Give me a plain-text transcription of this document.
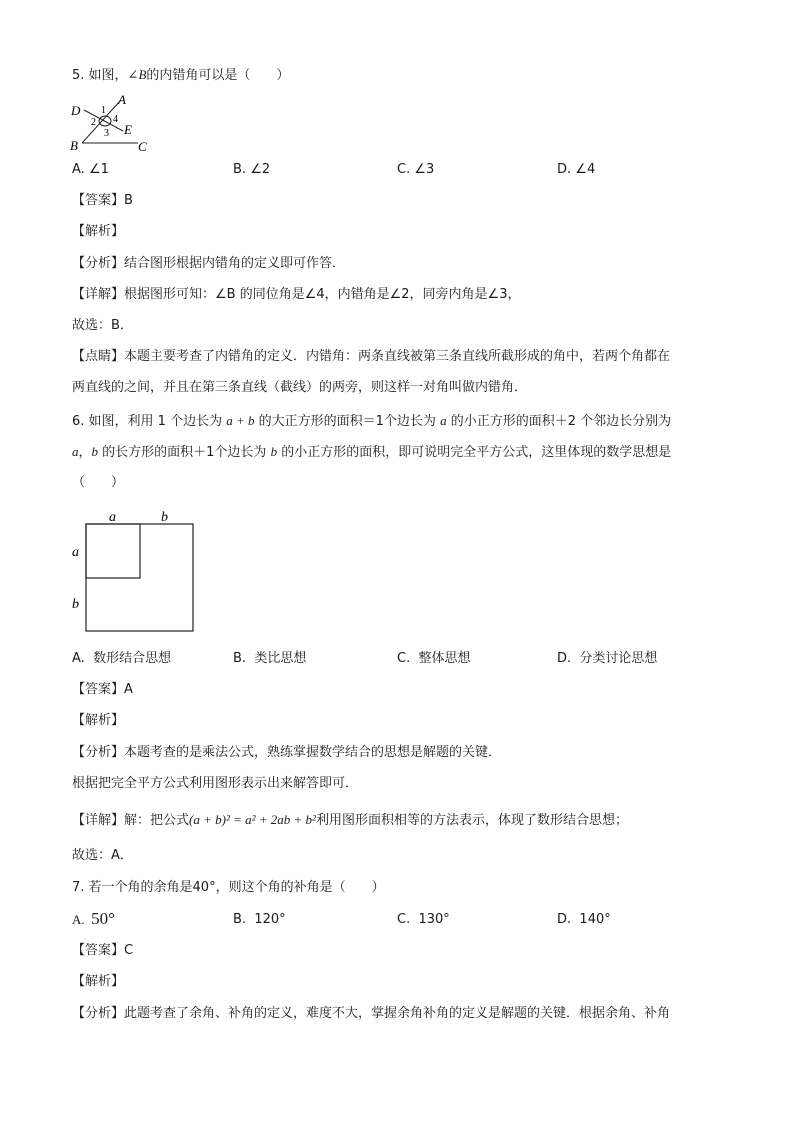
5. 如图，∠B的内错角可以是（　　）
D
A
B	C
E
1
2
3
4
A. ∠1	B. ∠2	C. ∠3	D. ∠4
【答案】B
【解析】
【分析】结合图形根据内错角的定义即可作答．
【详解】根据图形可知：∠B 的同位角是∠4，内错角是∠2，同旁内角是∠3，
故选：B．
【点睛】本题主要考查了内错角的定义．内错角：两条直线被第三条直线所截形成的角中，若两个角都在
两直线的之间，并且在第三条直线（截线）的两旁，则这样一对角叫做内错角．
6. 如图，利用 1 个边长为 a + b 的大正方形的面积＝1个边长为 a 的小正方形的面积＋2 个邻边长分别为
a，b 的长方形的面积＋1个边长为 b 的小正方形的面积，即可说明完全平方公式，这里体现的数学思想是
（　　）
a	b
a
b
A. 数形结合思想	B. 类比思想	C. 整体思想	D. 分类讨论思想
【答案】A
【解析】
【分析】本题考查的是乘法公式，熟练掌握数学结合的思想是解题的关键．
根据把完全平方公式利用图形表示出来解答即可．
【详解】解：把公式(a + b)² = a² + 2ab + b²利用图形面积相等的方法表示，体现了数形结合思想；
故选：A．
7. 若一个角的余角是40°，则这个角的补角是（　　）
A. 50°	B. 120°	C. 130°	D. 140°
【答案】C
【解析】
【分析】此题考查了余角、补角的定义，难度不大，掌握余角补角的定义是解题的关键．根据余角、补角
